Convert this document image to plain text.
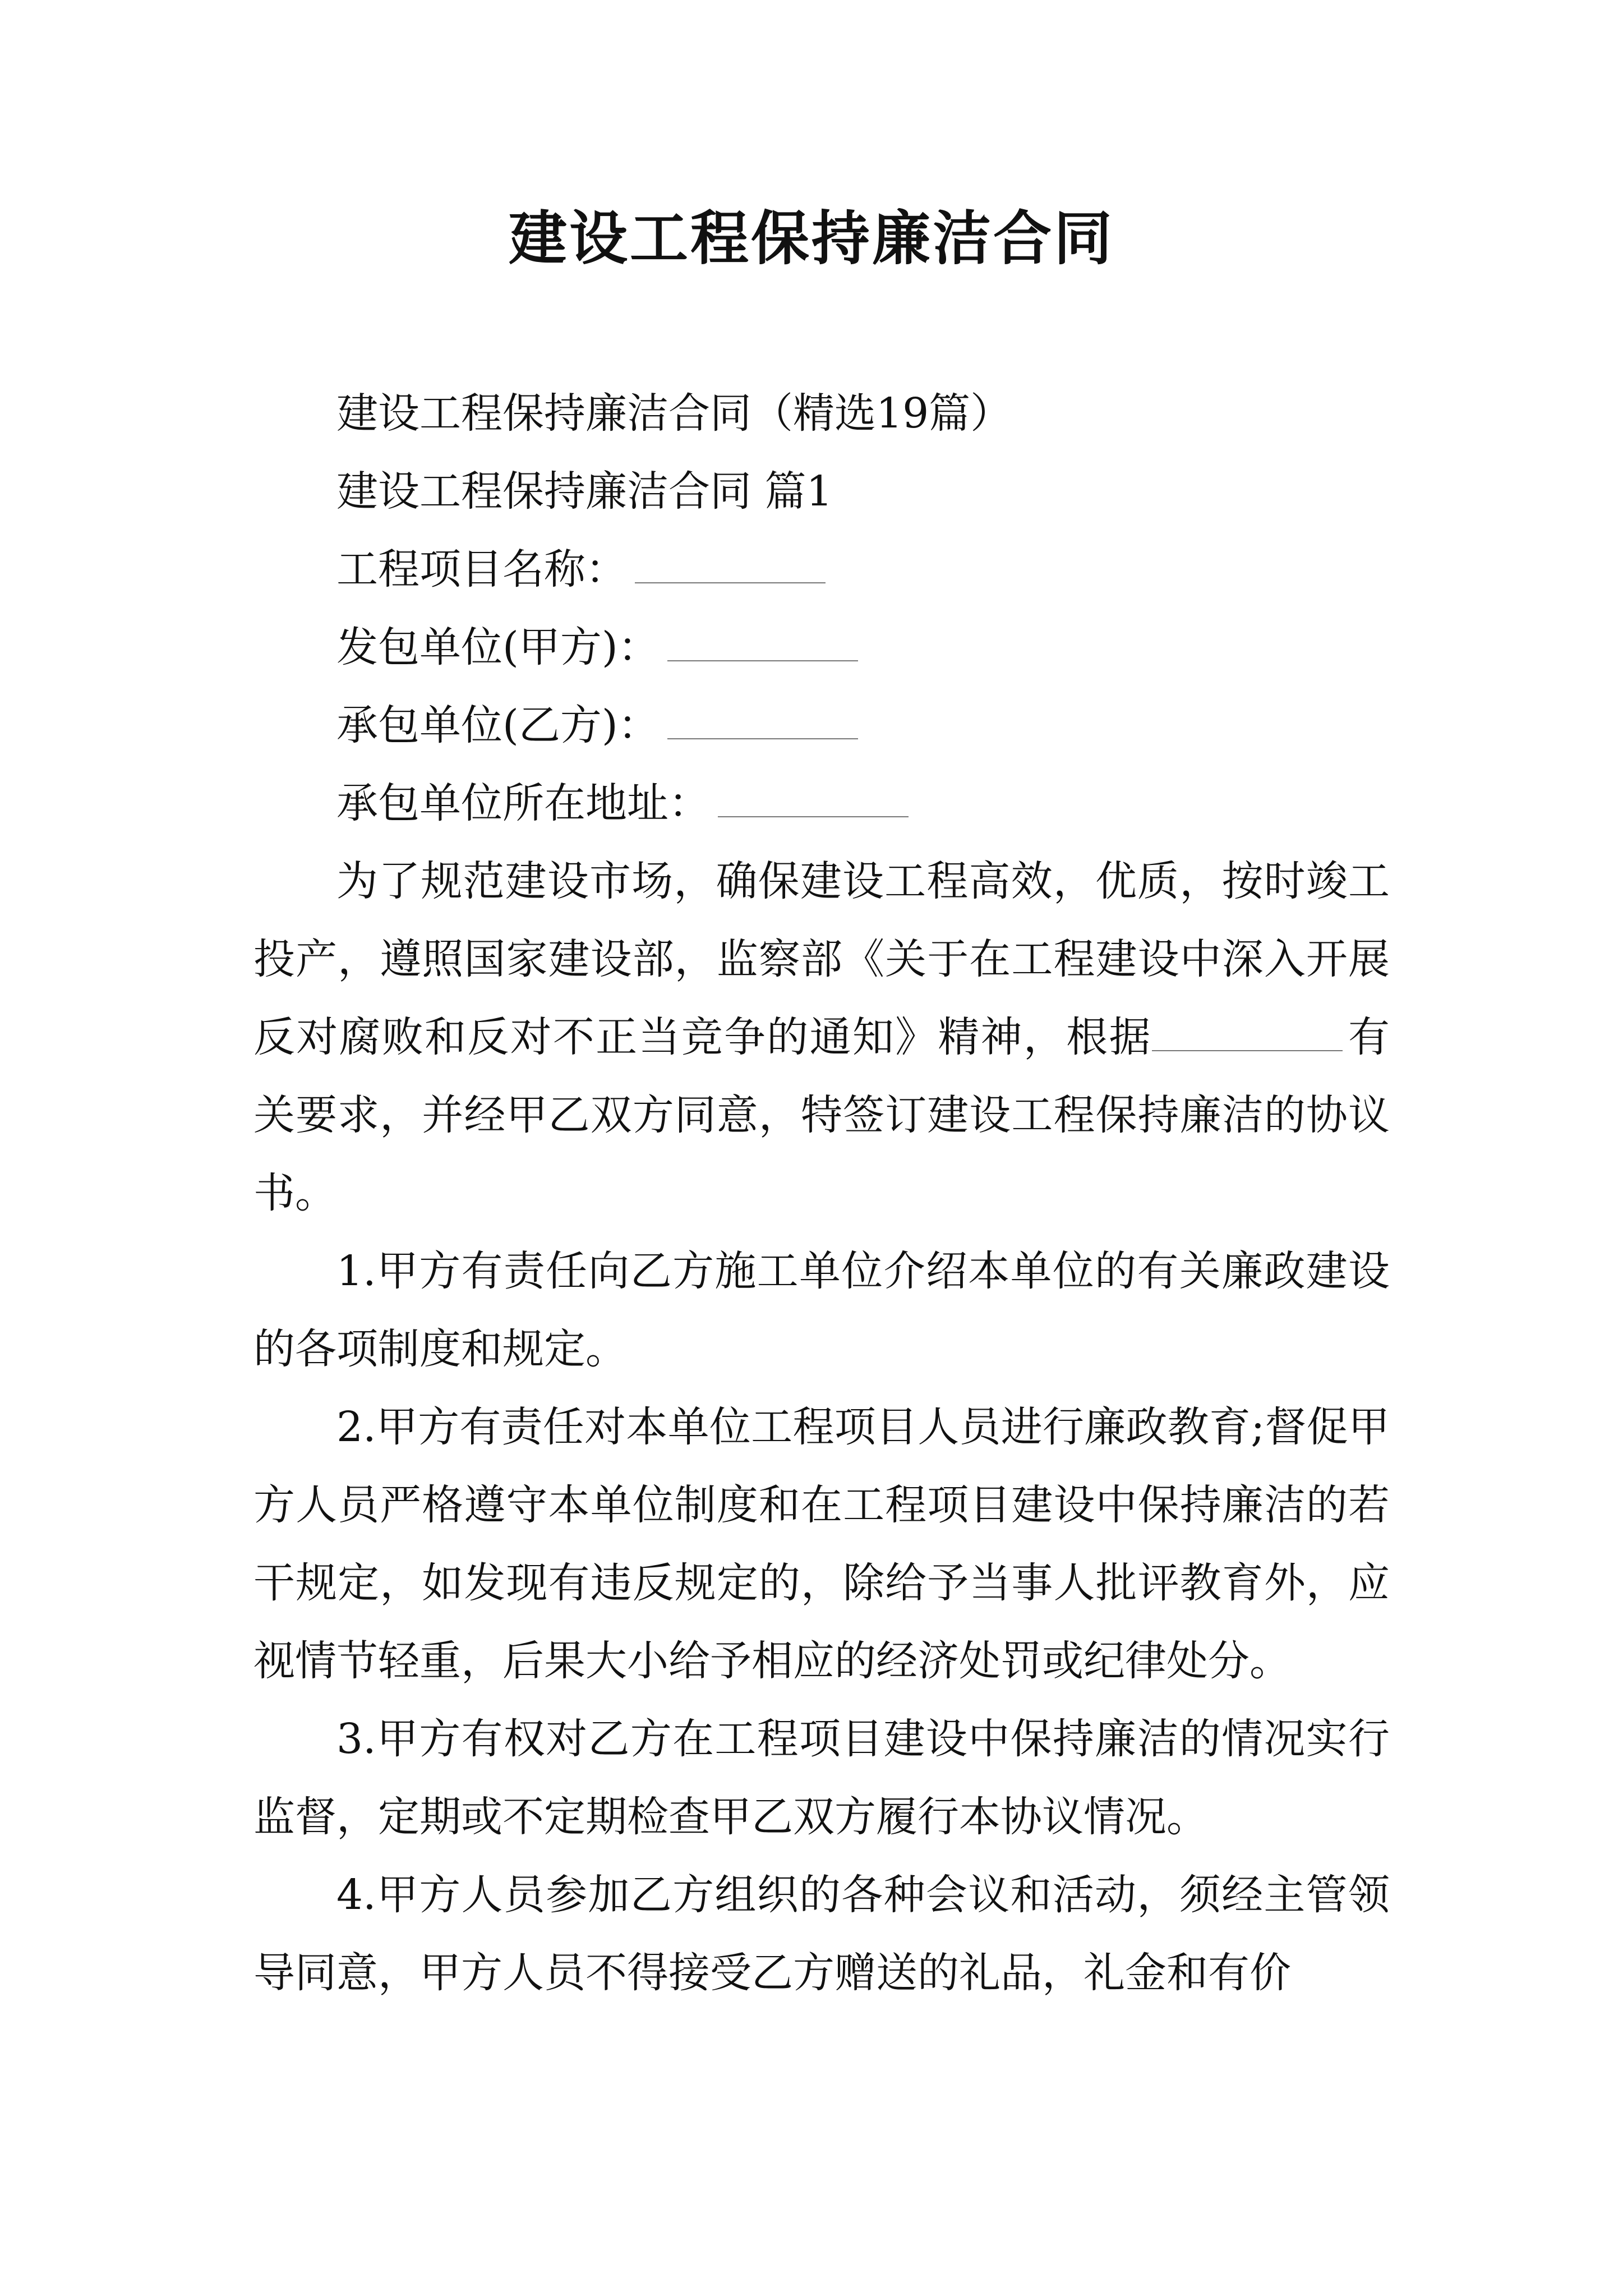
建设工程保持廉洁合同
建设工程保持廉洁合同（精选19篇）
建设工程保持廉洁合同 篇1
工程项目名称：
发包单位(甲方)：
承包单位(乙方)：
承包单位所在地址：

为了规范建设市场，确保建设工程高效，优质，按时竣工投产，遵照国家建设部，监察部《关于在工程建设中深入开展反对腐败和反对不正当竞争的通知》精神，根据	有关要求，并经甲乙双方同意，特签订建设工程保持廉洁的协议书。

1.甲方有责任向乙方施工单位介绍本单位的有关廉政建设的各项制度和规定。

2.甲方有责任对本单位工程项目人员进行廉政教育;督促甲方人员严格遵守本单位制度和在工程项目建设中保持廉洁的若干规定，如发现有违反规定的，除给予当事人批评教育外，应视情节轻重，后果大小给予相应的经济处罚或纪律处分。

3.甲方有权对乙方在工程项目建设中保持廉洁的情况实行监督，定期或不定期检查甲乙双方履行本协议情况。

4.甲方人员参加乙方组织的各种会议和活动，须经主管领导同意，甲方人员不得接受乙方赠送的礼品，礼金和有价
